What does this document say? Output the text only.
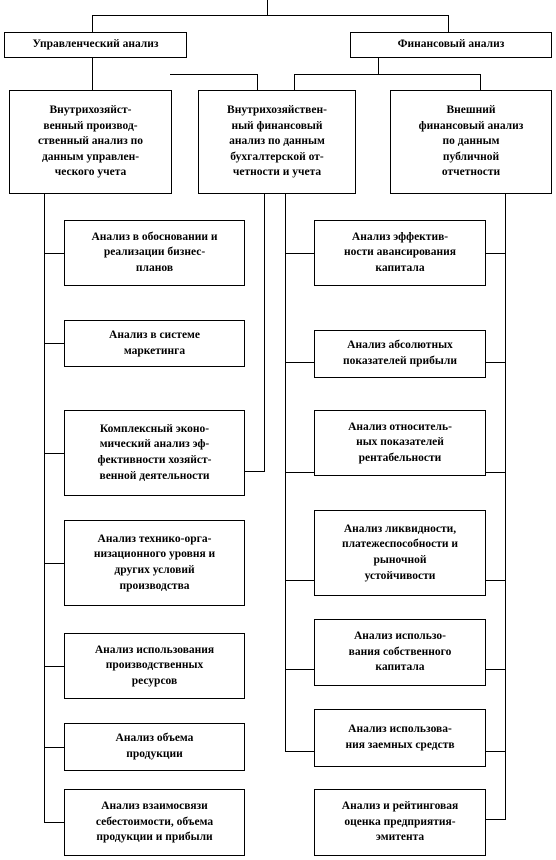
Управленческий анализ	Финансовый анализ
Внутрихозяйст-
венный производ-
ственный анализ по
данным управлен-
ческого учета
Внутрихозяйствен-
ный финансовый
анализ по данным
бухгалтерской от-
четности и учета
Внешний
финансовый анализ
по данным
публичной
отчетности
Анализ в обосновании и
реализации бизнес-
планов
Анализ в системе
маркетинга
Комплексный эконо-
мический анализ эф-
фективности хозяйст-
венной деятельности
Анализ технико-орга-
низационного уровня и
других условий
производства
Анализ использования
производственных
ресурсов
Анализ объема
продукции
Анализ взаимосвязи
себестоимости, объема
продукции и прибыли
Анализ эффектив-
ности авансирования
капитала
Анализ абсолютных
показателей прибыли
Анализ относитель-
ных показателей
рентабельности
Анализ ликвидности,
платежеспособности и
рыночной
устойчивости
Анализ использо-
вания собственного
капитала
Анализ использова-
ния заемных средств
Анализ и рейтинговая
оценка предприятия-
эмитента
